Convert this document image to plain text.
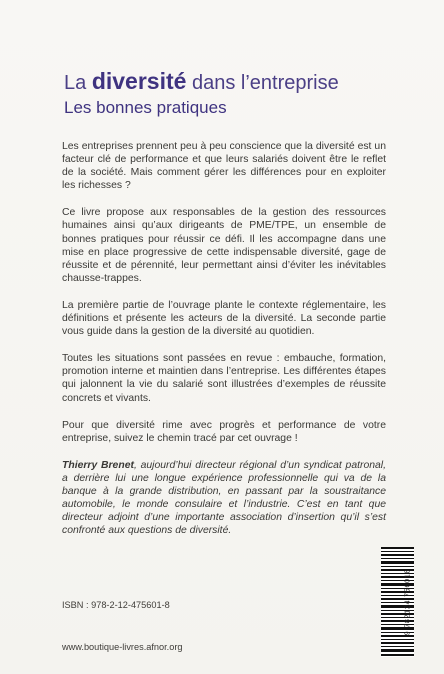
La diversité dans l’entreprise
Les bonnes pratiques

Les entreprises prennent peu à peu conscience que la diversité est un facteur clé de performance et que leurs salariés doivent être le reflet de la société. Mais comment gérer les différences pour en exploiter les richesses ?

Ce livre propose aux responsables de la gestion des ressources humaines ainsi qu’aux dirigeants de PME/TPE, un ensemble de bonnes pratiques pour réussir ce défi. Il les accompagne dans une mise en place progressive de cette indispensable diversité, gage de réussite et de pérennité, leur permettant ainsi d’éviter les inévitables chausse-trappes.

La première partie de l’ouvrage plante le contexte réglementaire, les définitions et présente les acteurs de la diversité. La seconde partie vous guide dans la gestion de la diversité au quotidien.

Toutes les situations sont passées en revue : embauche, formation, promotion interne et maintien dans l’entreprise. Les différentes étapes qui jalonnent la vie du salarié sont illustrées d’exemples de réussite concrets et vivants.

Pour que diversité rime avec progrès et performance de votre entreprise, suivez le chemin tracé par cet ouvrage !

Thierry Brenet, aujourd’hui directeur régional d’un syndicat patronal, a derrière lui une longue expérience professionnelle qui va de la banque à la grande distribution, en passant par la soustraitance automobile, le monde consulaire et l’industrie. C’est en tant que directeur adjoint d’une importante association d’insertion qu’il s’est confronté aux questions de diversité.

ISBN : 978-2-12-475601-8
www.boutique-livres.afnor.org
9 782124 756018
